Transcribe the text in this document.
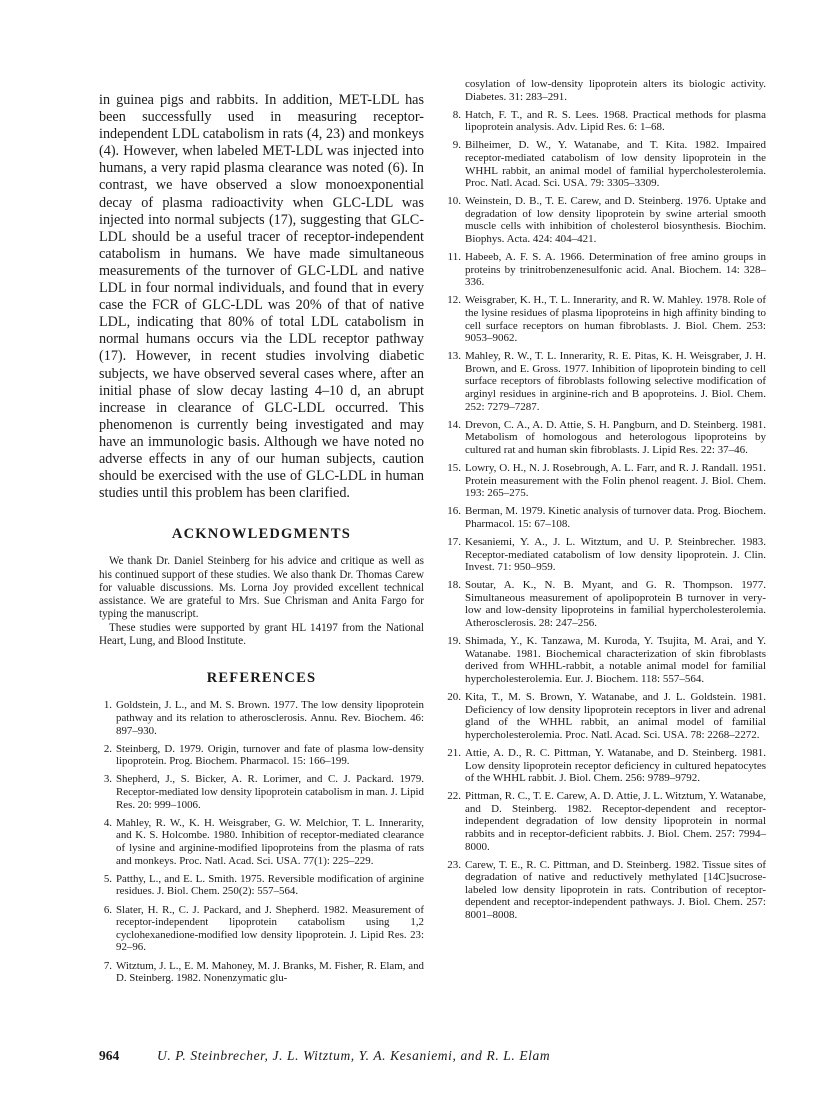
in guinea pigs and rabbits. In addition, MET-LDL has been successfully used in measuring receptor-independent LDL catabolism in rats (4, 23) and monkeys (4). However, when labeled MET-LDL was injected into humans, a very rapid plasma clearance was noted (6). In contrast, we have observed a slow monoexponential decay of plasma radioactivity when GLC-LDL was injected into normal subjects (17), suggesting that GLC-LDL should be a useful tracer of receptor-independent catabolism in humans. We have made simultaneous measurements of the turnover of GLC-LDL and native LDL in four normal individuals, and found that in every case the FCR of GLC-LDL was 20% of that of native LDL, indicating that 80% of total LDL catabolism in normal humans occurs via the LDL receptor pathway (17). However, in recent studies involving diabetic subjects, we have observed several cases where, after an initial phase of slow decay lasting 4–10 d, an abrupt increase in clearance of GLC-LDL occurred. This phenomenon is currently being investigated and may have an immunologic basis. Although we have noted no adverse effects in any of our human subjects, caution should be exercised with the use of GLC-LDL in human studies until this problem has been clarified.

ACKNOWLEDGMENTS

We thank Dr. Daniel Steinberg for his advice and critique as well as his continued support of these studies. We also thank Dr. Thomas Carew for valuable discussions. Ms. Lorna Joy provided excellent technical assistance. We are grateful to Mrs. Sue Chrisman and Anita Fargo for typing the manuscript.

These studies were supported by grant HL 14197 from the National Heart, Lung, and Blood Institute.

REFERENCES
1. Goldstein, J. L., and M. S. Brown. 1977. The low density lipoprotein pathway and its relation to atherosclerosis. Annu. Rev. Biochem. 46: 897–930.
2. Steinberg, D. 1979. Origin, turnover and fate of plasma low-density lipoprotein. Prog. Biochem. Pharmacol. 15: 166–199.
3. Shepherd, J., S. Bicker, A. R. Lorimer, and C. J. Packard. 1979. Receptor-mediated low density lipoprotein catabolism in man. J. Lipid Res. 20: 999–1006.
4. Mahley, R. W., K. H. Weisgraber, G. W. Melchior, T. L. Innerarity, and K. S. Holcombe. 1980. Inhibition of receptor-mediated clearance of lysine and arginine-modified lipoproteins from the plasma of rats and monkeys. Proc. Natl. Acad. Sci. USA. 77(1): 225–229.
5. Patthy, L., and E. L. Smith. 1975. Reversible modification of arginine residues. J. Biol. Chem. 250(2): 557–564.
6. Slater, H. R., C. J. Packard, and J. Shepherd. 1982. Measurement of receptor-independent lipoprotein catabolism using 1,2 cyclohexanedione-modified low density lipoprotein. J. Lipid Res. 23: 92–96.
7. Witztum, J. L., E. M. Mahoney, M. J. Branks, M. Fisher, R. Elam, and D. Steinberg. 1982. Nonenzymatic glu-

cosylation of low-density lipoprotein alters its biologic activity. Diabetes. 31: 283–291.

8. Hatch, F. T., and R. S. Lees. 1968. Practical methods for plasma lipoprotein analysis. Adv. Lipid Res. 6: 1–68.
9. Bilheimer, D. W., Y. Watanabe, and T. Kita. 1982. Impaired receptor-mediated catabolism of low density lipoprotein in the WHHL rabbit, an animal model of familial hypercholesterolemia. Proc. Natl. Acad. Sci. USA. 79: 3305–3309.
10. Weinstein, D. B., T. E. Carew, and D. Steinberg. 1976. Uptake and degradation of low density lipoprotein by swine arterial smooth muscle cells with inhibition of cholesterol biosynthesis. Biochim. Biophys. Acta. 424: 404–421.
11. Habeeb, A. F. S. A. 1966. Determination of free amino groups in proteins by trinitrobenzenesulfonic acid. Anal. Biochem. 14: 328–336.
12. Weisgraber, K. H., T. L. Innerarity, and R. W. Mahley. 1978. Role of the lysine residues of plasma lipoproteins in high affinity binding to cell surface receptors on human fibroblasts. J. Biol. Chem. 253: 9053–9062.
13. Mahley, R. W., T. L. Innerarity, R. E. Pitas, K. H. Weisgraber, J. H. Brown, and E. Gross. 1977. Inhibition of lipoprotein binding to cell surface receptors of fibroblasts following selective modification of arginyl residues in arginine-rich and B apoproteins. J. Biol. Chem. 252: 7279–7287.
14. Drevon, C. A., A. D. Attie, S. H. Pangburn, and D. Steinberg. 1981. Metabolism of homologous and heterologous lipoproteins by cultured rat and human skin fibroblasts. J. Lipid Res. 22: 37–46.
15. Lowry, O. H., N. J. Rosebrough, A. L. Farr, and R. J. Randall. 1951. Protein measurement with the Folin phenol reagent. J. Biol. Chem. 193: 265–275.
16. Berman, M. 1979. Kinetic analysis of turnover data. Prog. Biochem. Pharmacol. 15: 67–108.
17. Kesaniemi, Y. A., J. L. Witztum, and U. P. Steinbrecher. 1983. Receptor-mediated catabolism of low density lipoprotein. J. Clin. Invest. 71: 950–959.
18. Soutar, A. K., N. B. Myant, and G. R. Thompson. 1977. Simultaneous measurement of apolipoprotein B turnover in very-low and low-density lipoproteins in familial hypercholesterolemia. Atherosclerosis. 28: 247–256.
19. Shimada, Y., K. Tanzawa, M. Kuroda, Y. Tsujita, M. Arai, and Y. Watanabe. 1981. Biochemical characterization of skin fibroblasts derived from WHHL-rabbit, a notable animal model for familial hypercholesterolemia. Eur. J. Biochem. 118: 557–564.
20. Kita, T., M. S. Brown, Y. Watanabe, and J. L. Goldstein. 1981. Deficiency of low density lipoprotein receptors in liver and adrenal gland of the WHHL rabbit, an animal model of familial hypercholesterolemia. Proc. Natl. Acad. Sci. USA. 78: 2268–2272.
21. Attie, A. D., R. C. Pittman, Y. Watanabe, and D. Steinberg. 1981. Low density lipoprotein receptor deficiency in cultured hepatocytes of the WHHL rabbit. J. Biol. Chem. 256: 9789–9792.
22. Pittman, R. C., T. E. Carew, A. D. Attie, J. L. Witztum, Y. Watanabe, and D. Steinberg. 1982. Receptor-dependent and receptor-independent degradation of low density lipoprotein in normal rabbits and in receptor-deficient rabbits. J. Biol. Chem. 257: 7994–8000.
23. Carew, T. E., R. C. Pittman, and D. Steinberg. 1982. Tissue sites of degradation of native and reductively methylated [14C]sucrose-labeled low density lipoprotein in rats. Contribution of receptor-dependent and receptor-independent pathways. J. Biol. Chem. 257: 8001–8008.
964	U. P. Steinbrecher, J. L. Witztum, Y. A. Kesaniemi, and R. L. Elam
